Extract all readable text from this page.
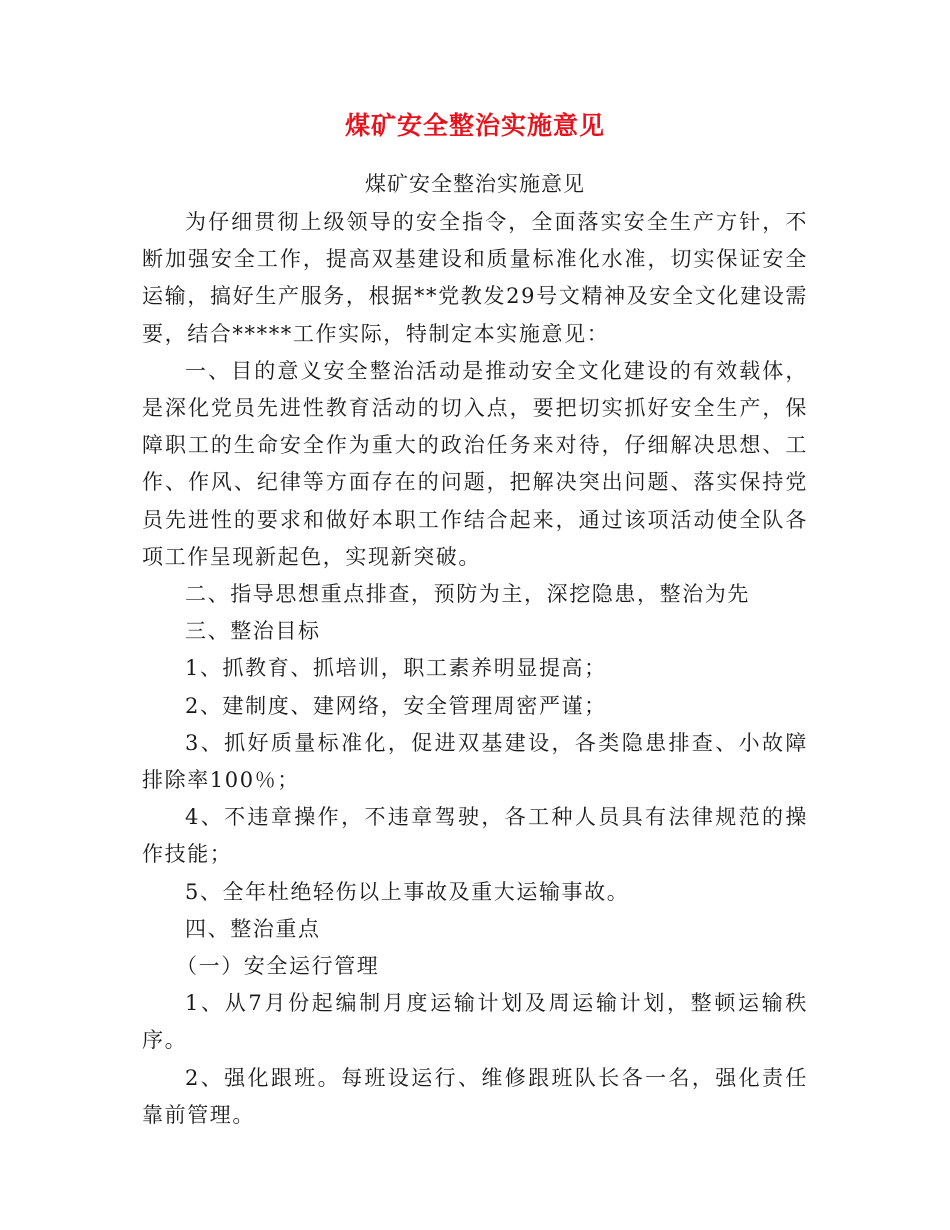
煤矿安全整治实施意见
煤矿安全整治实施意见

为仔细贯彻上级领导的安全指令，全面落实安全生产方针，不断加强安全工作，提高双基建设和质量标准化水准，切实保证安全运输，搞好生产服务，根据**党教发29号文精神及安全文化建设需要，结合*****工作实际，特制定本实施意见：

一、目的意义安全整治活动是推动安全文化建设的有效载体，是深化党员先进性教育活动的切入点，要把切实抓好安全生产，保障职工的生命安全作为重大的政治任务来对待，仔细解决思想、工作、作风、纪律等方面存在的问题，把解决突出问题、落实保持党员先进性的要求和做好本职工作结合起来，通过该项活动使全队各项工作呈现新起色，实现新突破。

二、指导思想重点排查，预防为主，深挖隐患，整治为先

三、整治目标

1、抓教育、抓培训，职工素养明显提高；

2、建制度、建网络，安全管理周密严谨；

3、抓好质量标准化，促进双基建设，各类隐患排查、小故障排除率100％；

4、不违章操作，不违章驾驶，各工种人员具有法律规范的操作技能；

5、全年杜绝轻伤以上事故及重大运输事故。

四、整治重点

（一）安全运行管理

1、从7月份起编制月度运输计划及周运输计划，整顿运输秩序。

2、强化跟班。每班设运行、维修跟班队长各一名，强化责任靠前管理。
